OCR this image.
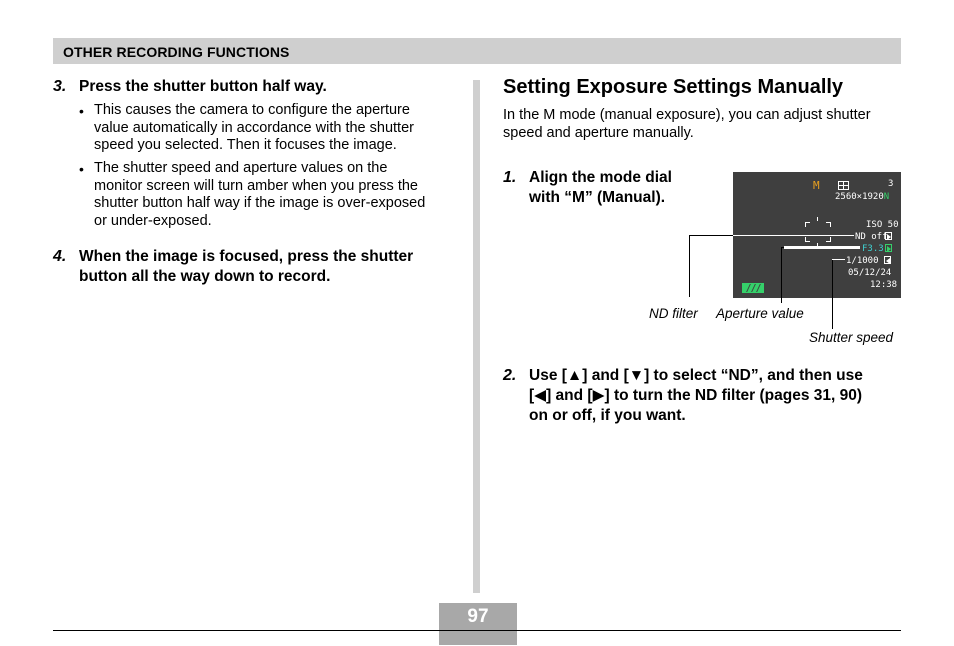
OTHER RECORDING FUNCTIONS
3. Press the shutter button half way.
• This causes the camera to configure the aperture
value automatically in accordance with the shutter
speed you selected. Then it focuses the image.
• The shutter speed and aperture values on the
monitor screen will turn amber when you press the
shutter button half way if the image is over-exposed
or under-exposed.
4. When the image is focused, press the shutter
button all the way down to record.
Setting Exposure Settings Manually
In the M mode (manual exposure), you can adjust shutter
speed and aperture manually.
1. Align the mode dial
with “M” (Manual).
M	3
2560×1920N
ISO 50
ND off
F3.3
1/1000
05/12/24
12:38
ND filter Aperture value
Shutter speed
2. Use [▲] and [▼] to select “ND”, and then use
[◀] and [▶] to turn the ND filter (pages 31, 90)
on or off, if you want.
97
